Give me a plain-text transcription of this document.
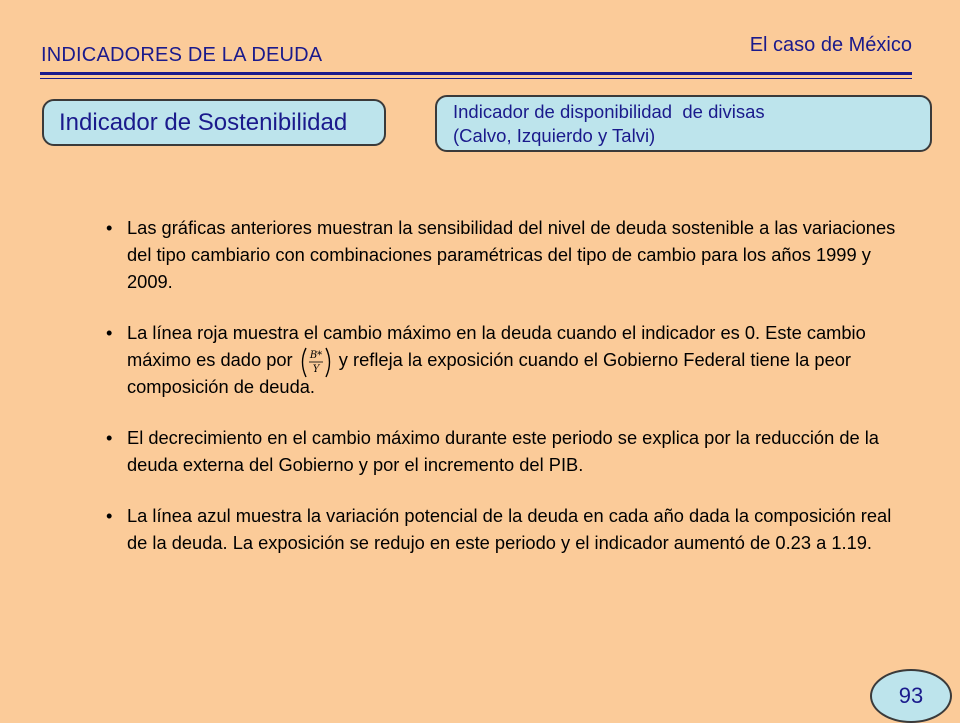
INDICADORES DE LA DEUDA	El caso de México
Indicador de Sostenibilidad	Indicador de disponibilidad  de divisas
(Calvo, Izquierdo y Talvi)
• Las gráficas anteriores muestran la sensibilidad del nivel de deuda sostenible a las variaciones del tipo cambiario con combinaciones paramétricas del tipo de cambio para los años 1999 y 2009.
• La línea roja muestra el cambio máximo en la deuda cuando el indicador es 0. Este cambio máximo es dado por B*
Y y refleja la exposición cuando el Gobierno Federal tiene la peor composición de deuda.
• El decrecimiento en el cambio máximo durante este periodo se explica por la reducción de la deuda externa del Gobierno y por el incremento del PIB.
• La línea azul muestra la variación potencial de la deuda en cada año dada la composición real de la deuda. La exposición se redujo en este periodo y el indicador aumentó de 0.23 a 1.19.
93
